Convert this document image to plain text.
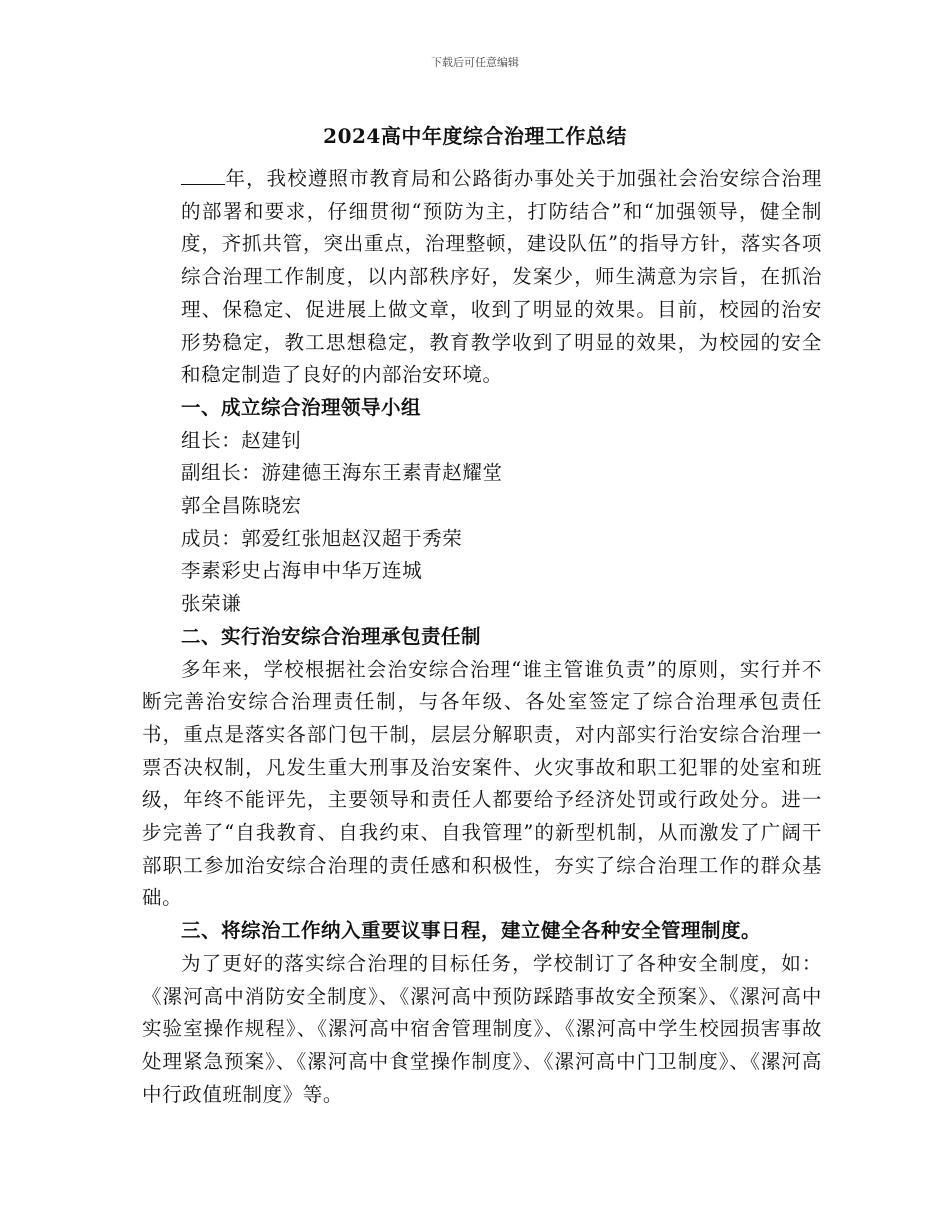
下载后可任意编辑
2024高中年度综合治理工作总结

年，我校遵照市教育局和公路街办事处关于加强社会治安综合治理的部署和要求，仔细贯彻“预防为主，打防结合”和“加强领导，健全制度，齐抓共管，突出重点，治理整顿，建设队伍”的指导方针，落实各项综合治理工作制度，以内部秩序好，发案少，师生满意为宗旨，在抓治理、保稳定、促进展上做文章，收到了明显的效果。目前，校园的治安形势稳定，教工思想稳定，教育教学收到了明显的效果，为校园的安全和稳定制造了良好的内部治安环境。

一、成立综合治理领导小组

组长：赵建钊

副组长：游建德王海东王素青赵耀堂

郭全昌陈晓宏

成员：郭爱红张旭赵汉超于秀荣

李素彩史占海申中华万连城

张荣谦

二、实行治安综合治理承包责任制

多年来，学校根据社会治安综合治理“谁主管谁负责”的原则，实行并不断完善治安综合治理责任制，与各年级、各处室签定了综合治理承包责任书，重点是落实各部门包干制，层层分解职责，对内部实行治安综合治理一票否决权制，凡发生重大刑事及治安案件、火灾事故和职工犯罪的处室和班级，年终不能评先，主要领导和责任人都要给予经济处罚或行政处分。进一步完善了“自我教育、自我约束、自我管理”的新型机制，从而激发了广阔干部职工参加治安综合治理的责任感和积极性，夯实了综合治理工作的群众基础。

三、将综治工作纳入重要议事日程，建立健全各种安全管理制度。

为了更好的落实综合治理的目标任务，学校制订了各种安全制度，如：《漯河高中消防安全制度》、《漯河高中预防踩踏事故安全预案》、《漯河高中实验室操作规程》、《漯河高中宿舍管理制度》、《漯河高中学生校园损害事故处理紧急预案》、《漯河高中食堂操作制度》、《漯河高中门卫制度》、《漯河高中行政值班制度》等。
